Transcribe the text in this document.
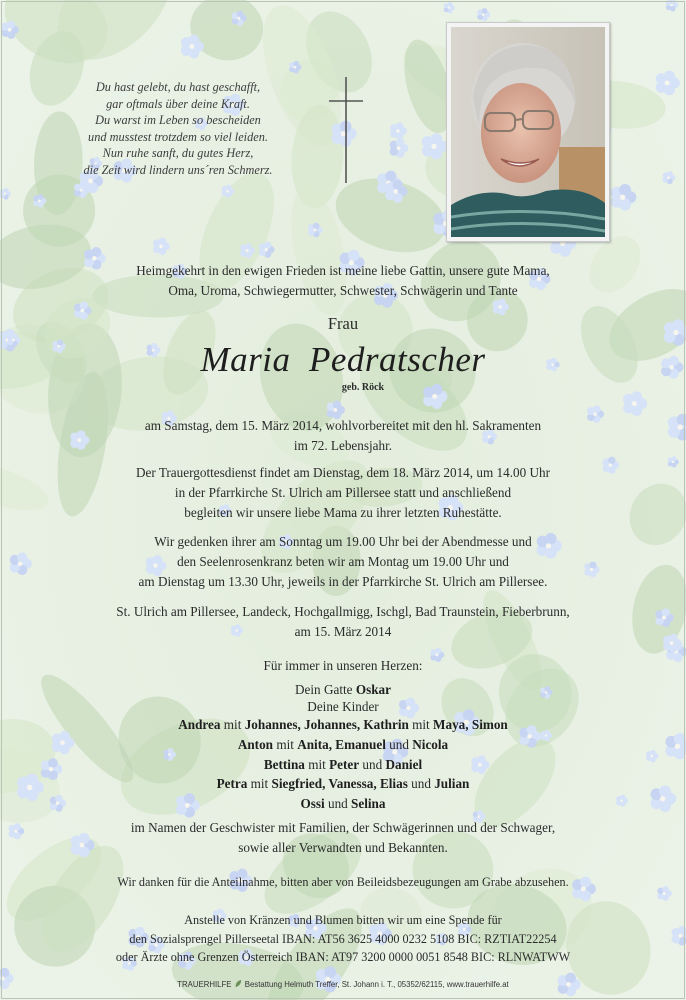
Du hast gelebt, du hast geschafft,
gar oftmals über deine Kraft.
Du warst im Leben so bescheiden
und musstest trotzdem so viel leiden.
Nun ruhe sanft, du gutes Herz,
die Zeit wird lindern uns´ren Schmerz.
Heimgekehrt in den ewigen Frieden ist meine liebe Gattin, unsere gute Mama,
Oma, Uroma, Schwiegermutter, Schwester, Schwägerin und Tante
Frau
Maria  Pedratscher
geb. Röck
am Samstag, dem 15. März 2014, wohlvorbereitet mit den hl. Sakramenten
im 72. Lebensjahr.
Der Trauergottesdienst findet am Dienstag, dem 18. März 2014, um 14.00 Uhr
in der Pfarrkirche St. Ulrich am Pillersee statt und anschließend
begleiten wir unsere liebe Mama zu ihrer letzten Ruhestätte.
Wir gedenken ihrer am Sonntag um 19.00 Uhr bei der Abendmesse und
den Seelenrosenkranz beten wir am Montag um 19.00 Uhr und
am Dienstag um 13.30 Uhr, jeweils in der Pfarrkirche St. Ulrich am Pillersee.
St. Ulrich am Pillersee, Landeck, Hochgallmigg, Ischgl, Bad Traunstein, Fieberbrunn,
am 15. März 2014
Für immer in unseren Herzen:
Dein Gatte Oskar
Deine Kinder
Andrea mit Johannes, Johannes, Kathrin mit Maya, Simon
Anton mit Anita, Emanuel und Nicola
Bettina mit Peter und Daniel
Petra mit Siegfried, Vanessa, Elias und Julian
Ossi und Selina
im Namen der Geschwister mit Familien, der Schwägerinnen und der Schwager,
sowie aller Verwandten und Bekannten.
Wir danken für die Anteilnahme, bitten aber von Beileidsbezeugungen am Grabe abzusehen.
Anstelle von Kränzen und Blumen bitten wir um eine Spende für
den Sozialsprengel Pillerseetal IBAN: AT56 3625 4000 0232 5108 BIC: RZTIAT22254
oder Ärzte ohne Grenzen Österreich IBAN: AT97 3200 0000 0051 8548 BIC: RLNWATWW
TRAUERHILFE Bestattung Helmuth Treffer, St. Johann i. T., 05352/62115, www.trauerhilfe.at
